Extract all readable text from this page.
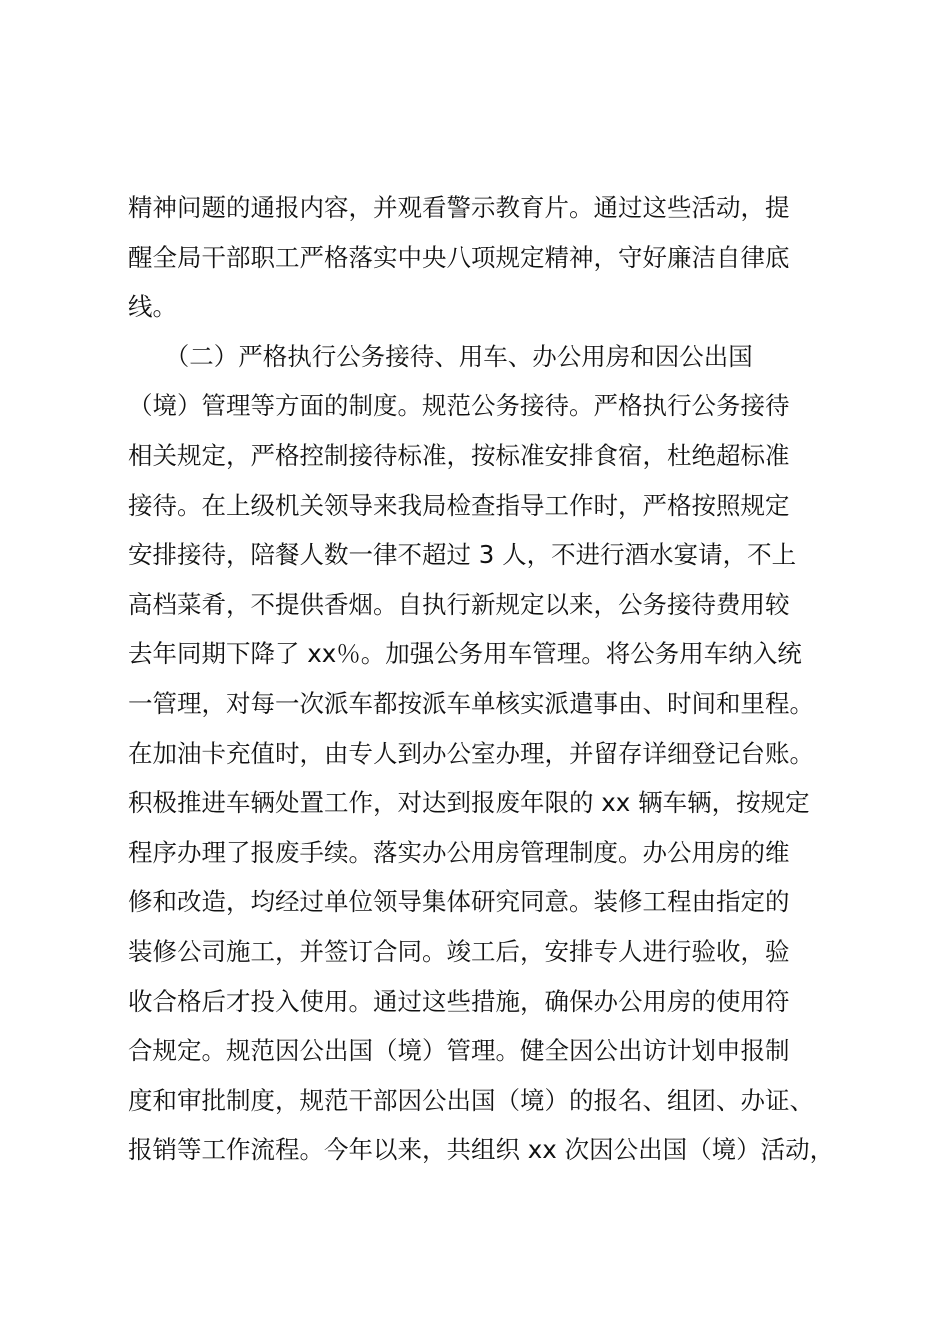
精神问题的通报内容，并观看警示教育片。通过这些活动，提
醒全局干部职工严格落实中央八项规定精神，守好廉洁自律底
线。
　　（二）严格执行公务接待、用车、办公用房和因公出国
（境）管理等方面的制度。规范公务接待。严格执行公务接待
相关规定，严格控制接待标准，按标准安排食宿，杜绝超标准
接待。在上级机关领导来我局检查指导工作时，严格按照规定
安排接待，陪餐人数一律不超过 3 人，不进行酒水宴请，不上
高档菜肴，不提供香烟。自执行新规定以来，公务接待费用较
去年同期下降了 xx％。加强公务用车管理。将公务用车纳入统
一管理，对每一次派车都按派车单核实派遣事由、时间和里程。
在加油卡充值时，由专人到办公室办理，并留存详细登记台账。
积极推进车辆处置工作，对达到报废年限的 xx 辆车辆，按规定
程序办理了报废手续。落实办公用房管理制度。办公用房的维
修和改造，均经过单位领导集体研究同意。装修工程由指定的
装修公司施工，并签订合同。竣工后，安排专人进行验收，验
收合格后才投入使用。通过这些措施，确保办公用房的使用符
合规定。规范因公出国（境）管理。健全因公出访计划申报制
度和审批制度，规范干部因公出国（境）的报名、组团、办证、
报销等工作流程。今年以来，共组织 xx 次因公出国（境）活动，
